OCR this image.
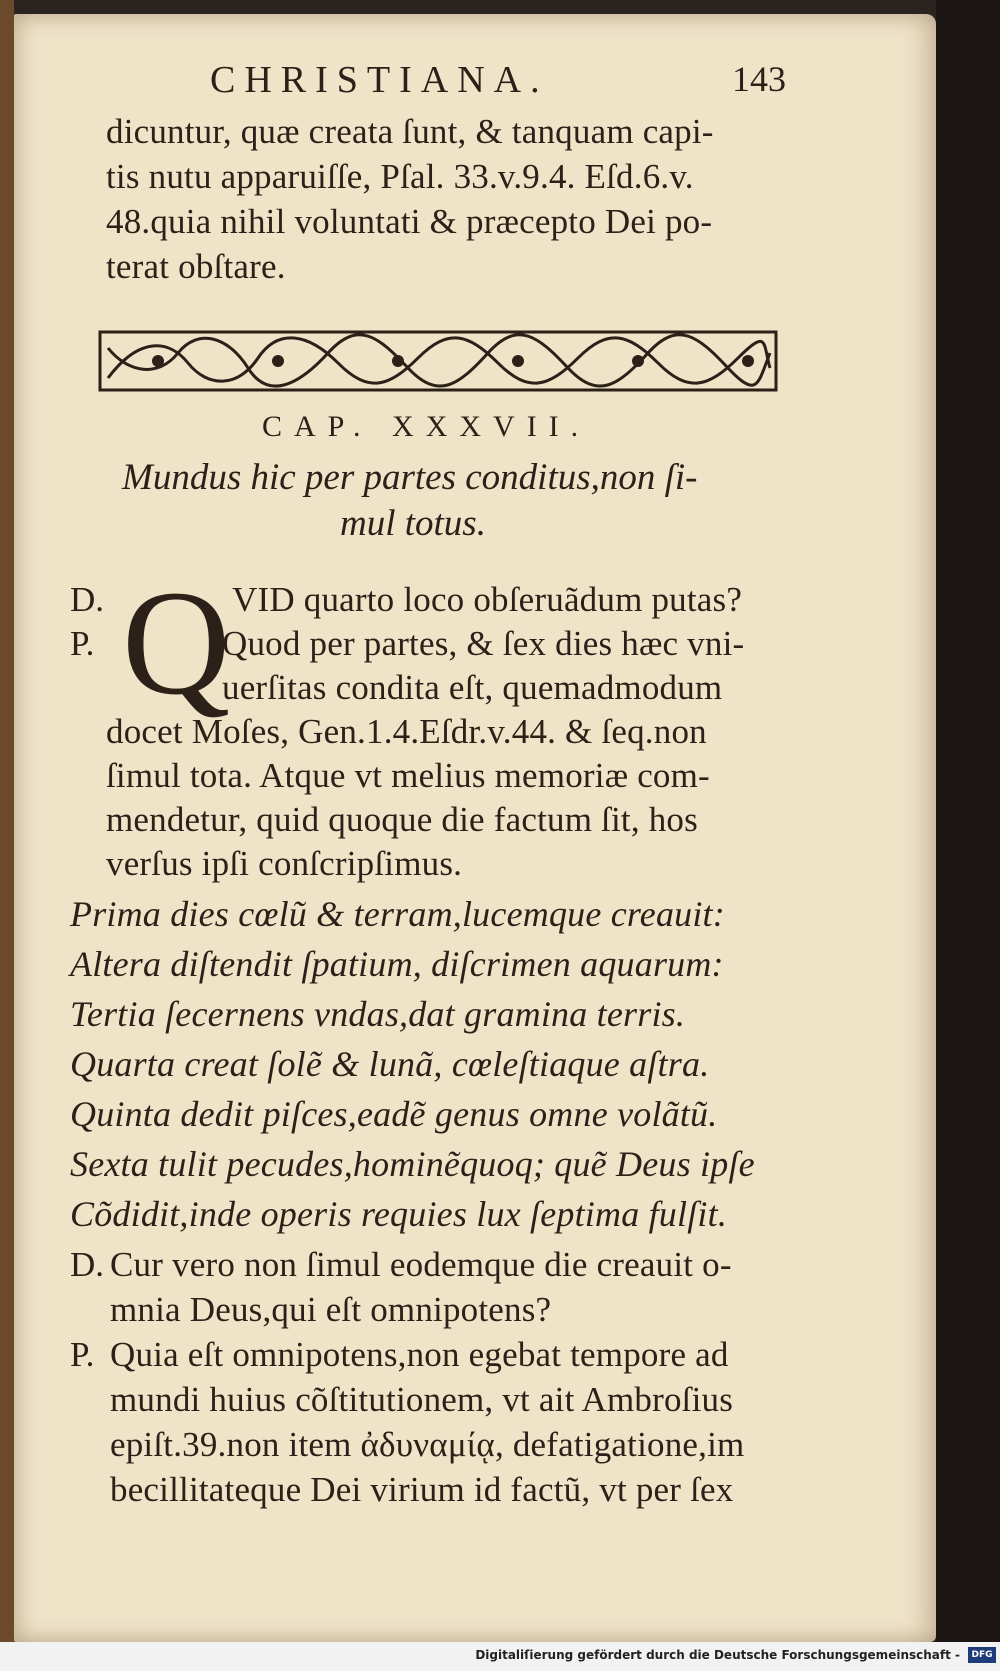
CHRISTIANA.	143
dicuntur, quæ creata ſunt, & tanquam capi-
tis nutu apparuiſſe, Pſal. 33.v.9.4. Eſd.6.v.
48.quia nihil voluntati & præcepto Dei po-
terat obſtare.
CAP. XXXVII.
Mundus hic per partes conditus,non ſi-
mul totus.
D. Q VID quarto loco obſeruãdum putas?
P.	Quod per partes, & ſex dies hæc vni-
uerſitas condita eſt, quemadmodum
docet Moſes, Gen.1.4.Eſdr.v.44. & ſeq.non
ſimul tota. Atque vt melius memoriæ com-
mendetur, quid quoque die factum ſit, hos
verſus ipſi conſcripſimus.
Prima dies cœlũ & terram,lucemque creauit:
Altera diſtendit ſpatium, diſcrimen aquarum:
Tertia ſecernens vndas,dat gramina terris.
Quarta creat ſolẽ & lunã, cœleſtiaque aſtra.
Quinta dedit piſces,eadẽ genus omne volãtũ.
Sexta tulit pecudes,hominẽquoq; quẽ Deus ipſe
Cõdidit,inde operis requies lux ſeptima fulſit.
D. Cur vero non ſimul eodemque die creauit o-
mnia Deus,qui eſt omnipotens?
P. Quia eſt omnipotens,non egebat tempore ad
mundi huius cõſtitutionem, vt ait Ambroſius
epiſt.39.non item ἀδυναμίᾳ, defatigatione,im
becillitateque Dei virium id factũ, vt per ſex
Digitaliſierung gefördert durch die Deutsche Forschungsgemeinschaft -	DFG
